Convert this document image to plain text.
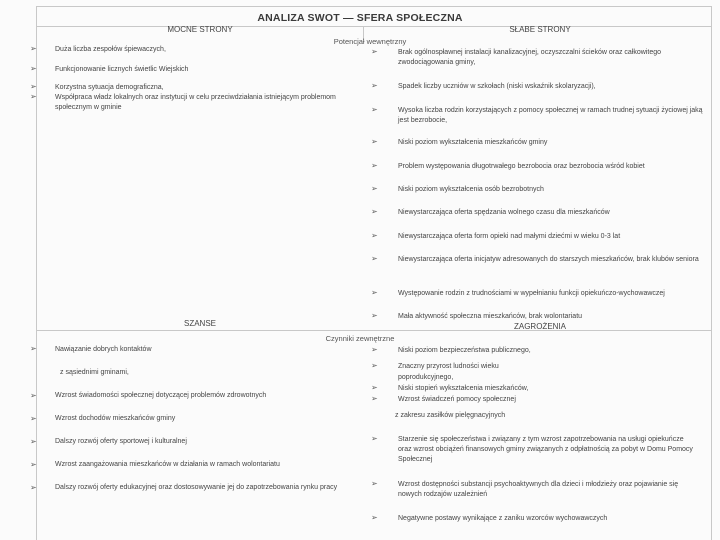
ANALIZA SWOT — SFERA SPOŁECZNA
MOCNE STRONY	SŁABE STRONY
Potencjał wewnętrzny
➢	Duża liczba zespołów śpiewaczych,
➢	Funkcjonowanie licznych świetlic Wiejskich
➢	Korzystna sytuacja demograficzna,
➢	Współpraca władz lokalnych oraz instytucji w celu przeciwdziałania istniejącym problemom społecznym w gminie
➢	Brak ogólnospławnej instalacji kanalizacyjnej, oczyszczalni ścieków oraz całkowitego zwodociągowania gminy,
➢	Spadek liczby uczniów w szkołach (niski wskaźnik skolaryzacji),
➢	Wysoka liczba rodzin korzystających z pomocy społecznej w ramach trudnej sytuacji życiowej jaką jest bezrobocie,
➢	Niski poziom wykształcenia mieszkańców gminy
➢	Problem występowania długotrwałego bezrobocia oraz bezrobocia wśród kobiet
➢	Niski poziom wykształcenia osób bezrobotnych
➢	Niewystarczająca oferta spędzania wolnego czasu dla mieszkańców
➢	Niewystarczająca oferta form opieki nad małymi dziećmi w wieku 0-3 lat
➢	Niewystarczająca oferta inicjatyw adresowanych do starszych mieszkańców, brak klubów seniora
➢	Występowanie rodzin z trudnościami w wypełnianiu funkcji opiekuńczo-wychowawczej
➢	Mała aktywność społeczna mieszkańców, brak wolontariatu
SZANSE	ZAGROŻENIA
Czynniki zewnętrzne
➢	Nawiązanie dobrych kontaktów
z sąsiednimi gminami,
➢	Wzrost świadomości społecznej dotyczącej problemów zdrowotnych
➢	Wzrost dochodów mieszkańców gminy
➢	Dalszy rozwój oferty sportowej i kulturalnej
➢	Wzrost zaangażowania mieszkańców w działania w ramach wolontariatu
➢	Dalszy rozwój oferty edukacyjnej oraz dostosowywanie jej do zapotrzebowania rynku pracy
➢	Niski poziom bezpieczeństwa publicznego,
➢	Znaczny przyrost ludności wieku
poprodukcyjnego,
➢	Niski stopień wykształcenia mieszkańców,
➢	Wzrost świadczeń pomocy społecznej
z zakresu zasiłków pielęgnacyjnych
➢	Starzenie się społeczeństwa i związany z tym wzrost zapotrzebowania na usługi opiekuńcze oraz wzrost obciążeń finansowych gminy związanych z odpłatnością za pobyt w Domu Pomocy Społecznej
➢	Wzrost dostępności substancji psychoaktywnych dla dzieci i młodzieży oraz pojawianie się nowych rodzajów uzależnień
➢	Negatywne postawy wynikające z zaniku wzorców wychowawczych
